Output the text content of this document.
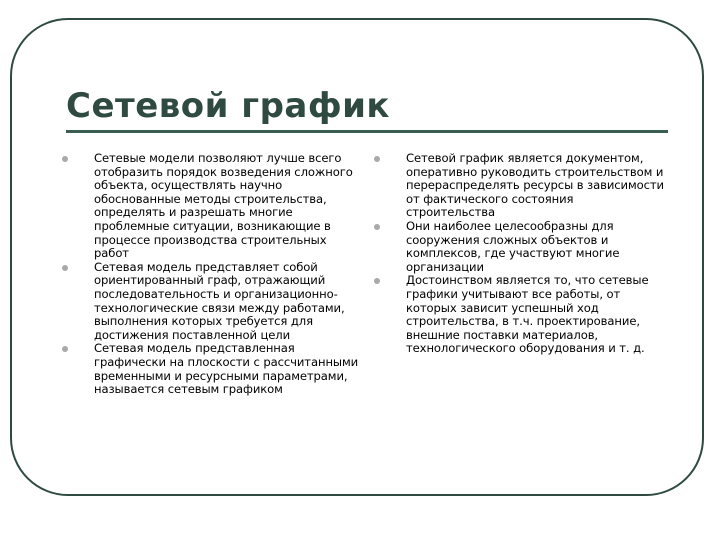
Сетевой график
Сетевые модели позволяют лучше всего отобразить порядок возведения сложного объекта, осуществлять научно обоснованные методы строительства, определять и разрешать многие проблемные ситуации, возникающие в процессе производства строительных работ
Сетевая модель представляет собой ориентированный граф, отражающий последовательность и организационно-технологические связи между работами, выполнения которых требуется для достижения поставленной цели
Сетевая модель представленная графически на плоскости с рассчитанными временными и ресурсными параметрами, называется сетевым графиком
Сетевой график является документом, оперативно руководить строительством и перераспределять ресурсы в зависимости от фактического состояния строительства
Они наиболее целесообразны для сооружения сложных объектов и комплексов, где участвуют многие организации
Достоинством является то, что сетевые графики учитывают все работы, от которых зависит успешный ход строительства, в т.ч. проектирование, внешние поставки материалов, технологического оборудования и т. д.
